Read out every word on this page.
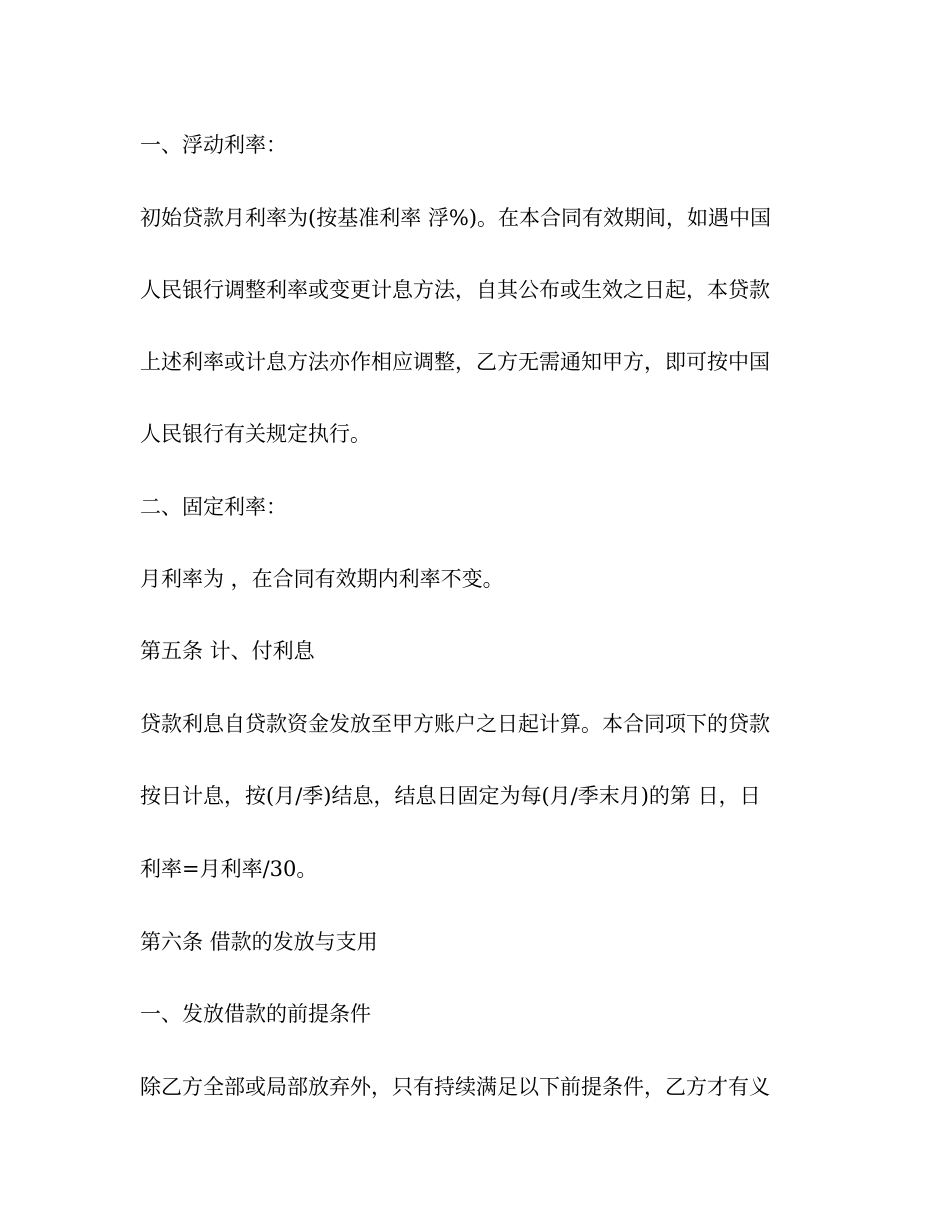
一、浮动利率：
初始贷款月利率为(按基准利率 浮%)。在本合同有效期间，如遇中国
人民银行调整利率或变更计息方法，自其公布或生效之日起，本贷款
上述利率或计息方法亦作相应调整，乙方无需通知甲方，即可按中国
人民银行有关规定执行。
二、固定利率：
月利率为 ，在合同有效期内利率不变。
第五条 计、付利息
贷款利息自贷款资金发放至甲方账户之日起计算。本合同项下的贷款
按日计息，按(月/季)结息，结息日固定为每(月/季末月)的第 日，日
利率=月利率/30。
第六条 借款的发放与支用
一、发放借款的前提条件
除乙方全部或局部放弃外，只有持续满足以下前提条件，乙方才有义
